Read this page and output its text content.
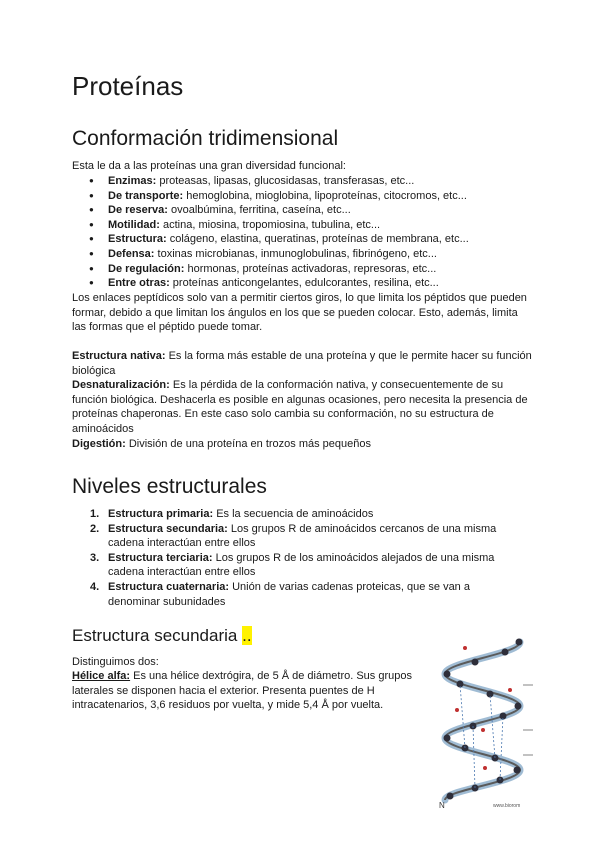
Proteínas
Conformación tridimensional

Esta le da a las proteínas una gran diversidad funcional:

● Enzimas: proteasas, lipasas, glucosidasas, transferasas, etc...
● De transporte: hemoglobina, mioglobina, lipoproteínas, citocromos, etc...
● De reserva: ovoalbúmina, ferritina, caseína, etc...
● Motilidad: actina, miosina, tropomiosina, tubulina, etc...
● Estructura: colágeno, elastina, queratinas, proteínas de membrana, etc...
● Defensa: toxinas microbianas, inmunoglobulinas, fibrinógeno, etc...
● De regulación: hormonas, proteínas activadoras, represoras, etc...
● Entre otras: proteínas anticongelantes, edulcorantes, resilina, etc...

Los enlaces peptídicos solo van a permitir ciertos giros, lo que limita los péptidos que pueden formar, debido a que limitan los ángulos en los que se pueden colocar. Esto, además, limita las formas que el péptido puede tomar.

Estructura nativa: Es la forma más estable de una proteína y que le permite hacer su función biológica

Desnaturalización: Es la pérdida de la conformación nativa, y consecuentemente de su función biológica. Deshacerla es posible en algunas ocasiones, pero necesita la presencia de proteínas chaperonas. En este caso solo cambia su conformación, no su estructura de aminoácidos

Digestión: División de una proteína en trozos más pequeños

Niveles estructurales
1. Estructura primaria: Es la secuencia de aminoácidos
2. Estructura secundaria: Los grupos R de aminoácidos cercanos de una misma cadena interactúan entre ellos
3. Estructura terciaria: Los grupos R de los aminoácidos alejados de una misma cadena interactúan entre ellos
4. Estructura cuaternaria: Unión de varias cadenas proteicas, que se van a denominar subunidades
Estructura secundaria ..

Distinguimos dos:

Hélice alfa: Es una hélice dextrógira, de 5 Å de diámetro. Sus grupos laterales se disponen hacia el exterior. Presenta puentes de H intracatenarios, 3,6 residuos por vuelta, y mide 5,4 Å por vuelta.

N	www.biorom
